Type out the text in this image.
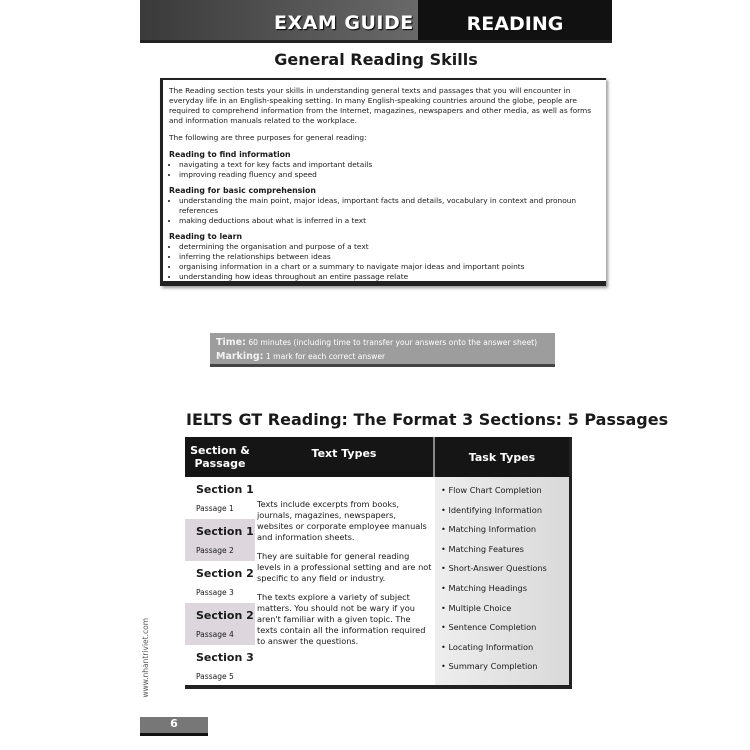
EXAM GUIDE	READING SECTION
General Reading Skills

The Reading section tests your skills in understanding general texts and passages that you will encounter in everyday life in an English-speaking setting. In many English-speaking countries around the globe, people are required to comprehend information from the Internet, magazines, newspapers and other media, as well as forms and information manuals related to the workplace.

The following are three purposes for general reading:

Reading to find information
• navigating a text for key facts and important details
• improving reading fluency and speed
Reading for basic comprehension
• understanding the main point, major ideas, important facts and details, vocabulary in context and pronoun references
• making deductions about what is inferred in a text
Reading to learn
• determining the organisation and purpose of a text
• inferring the relationships between ideas
• organising information in a chart or a summary to navigate major ideas and important points
• understanding how ideas throughout an entire passage relate
Time: 60 minutes (including time to transfer your answers onto the answer sheet)
Marking: 1 mark for each correct answer
IELTS GT Reading: The Format 3 Sections: 5 Passages
Section & Passage
Text Types	Task Types
Section 1
Passage 1
Section 1
Passage 2
Section 2
Passage 3
Section 2
Passage 4
Section 3
Passage 5

Texts include excerpts from books, journals, magazines, newspapers, websites or corporate employee manuals and information sheets.

They are suitable for general reading levels in a professional setting and are not specific to any field or industry.

The texts explore a variety of subject matters. You should not be wary if you aren't familiar with a given topic. The texts contain all the information required to answer the questions.

• Flow Chart Completion
• Identifying Information
• Matching Information
• Matching Features
• Short-Answer Questions
• Matching Headings
• Multiple Choice
• Sentence Completion
• Locating Information
• Summary Completion
www.nhantriviet.com
6
